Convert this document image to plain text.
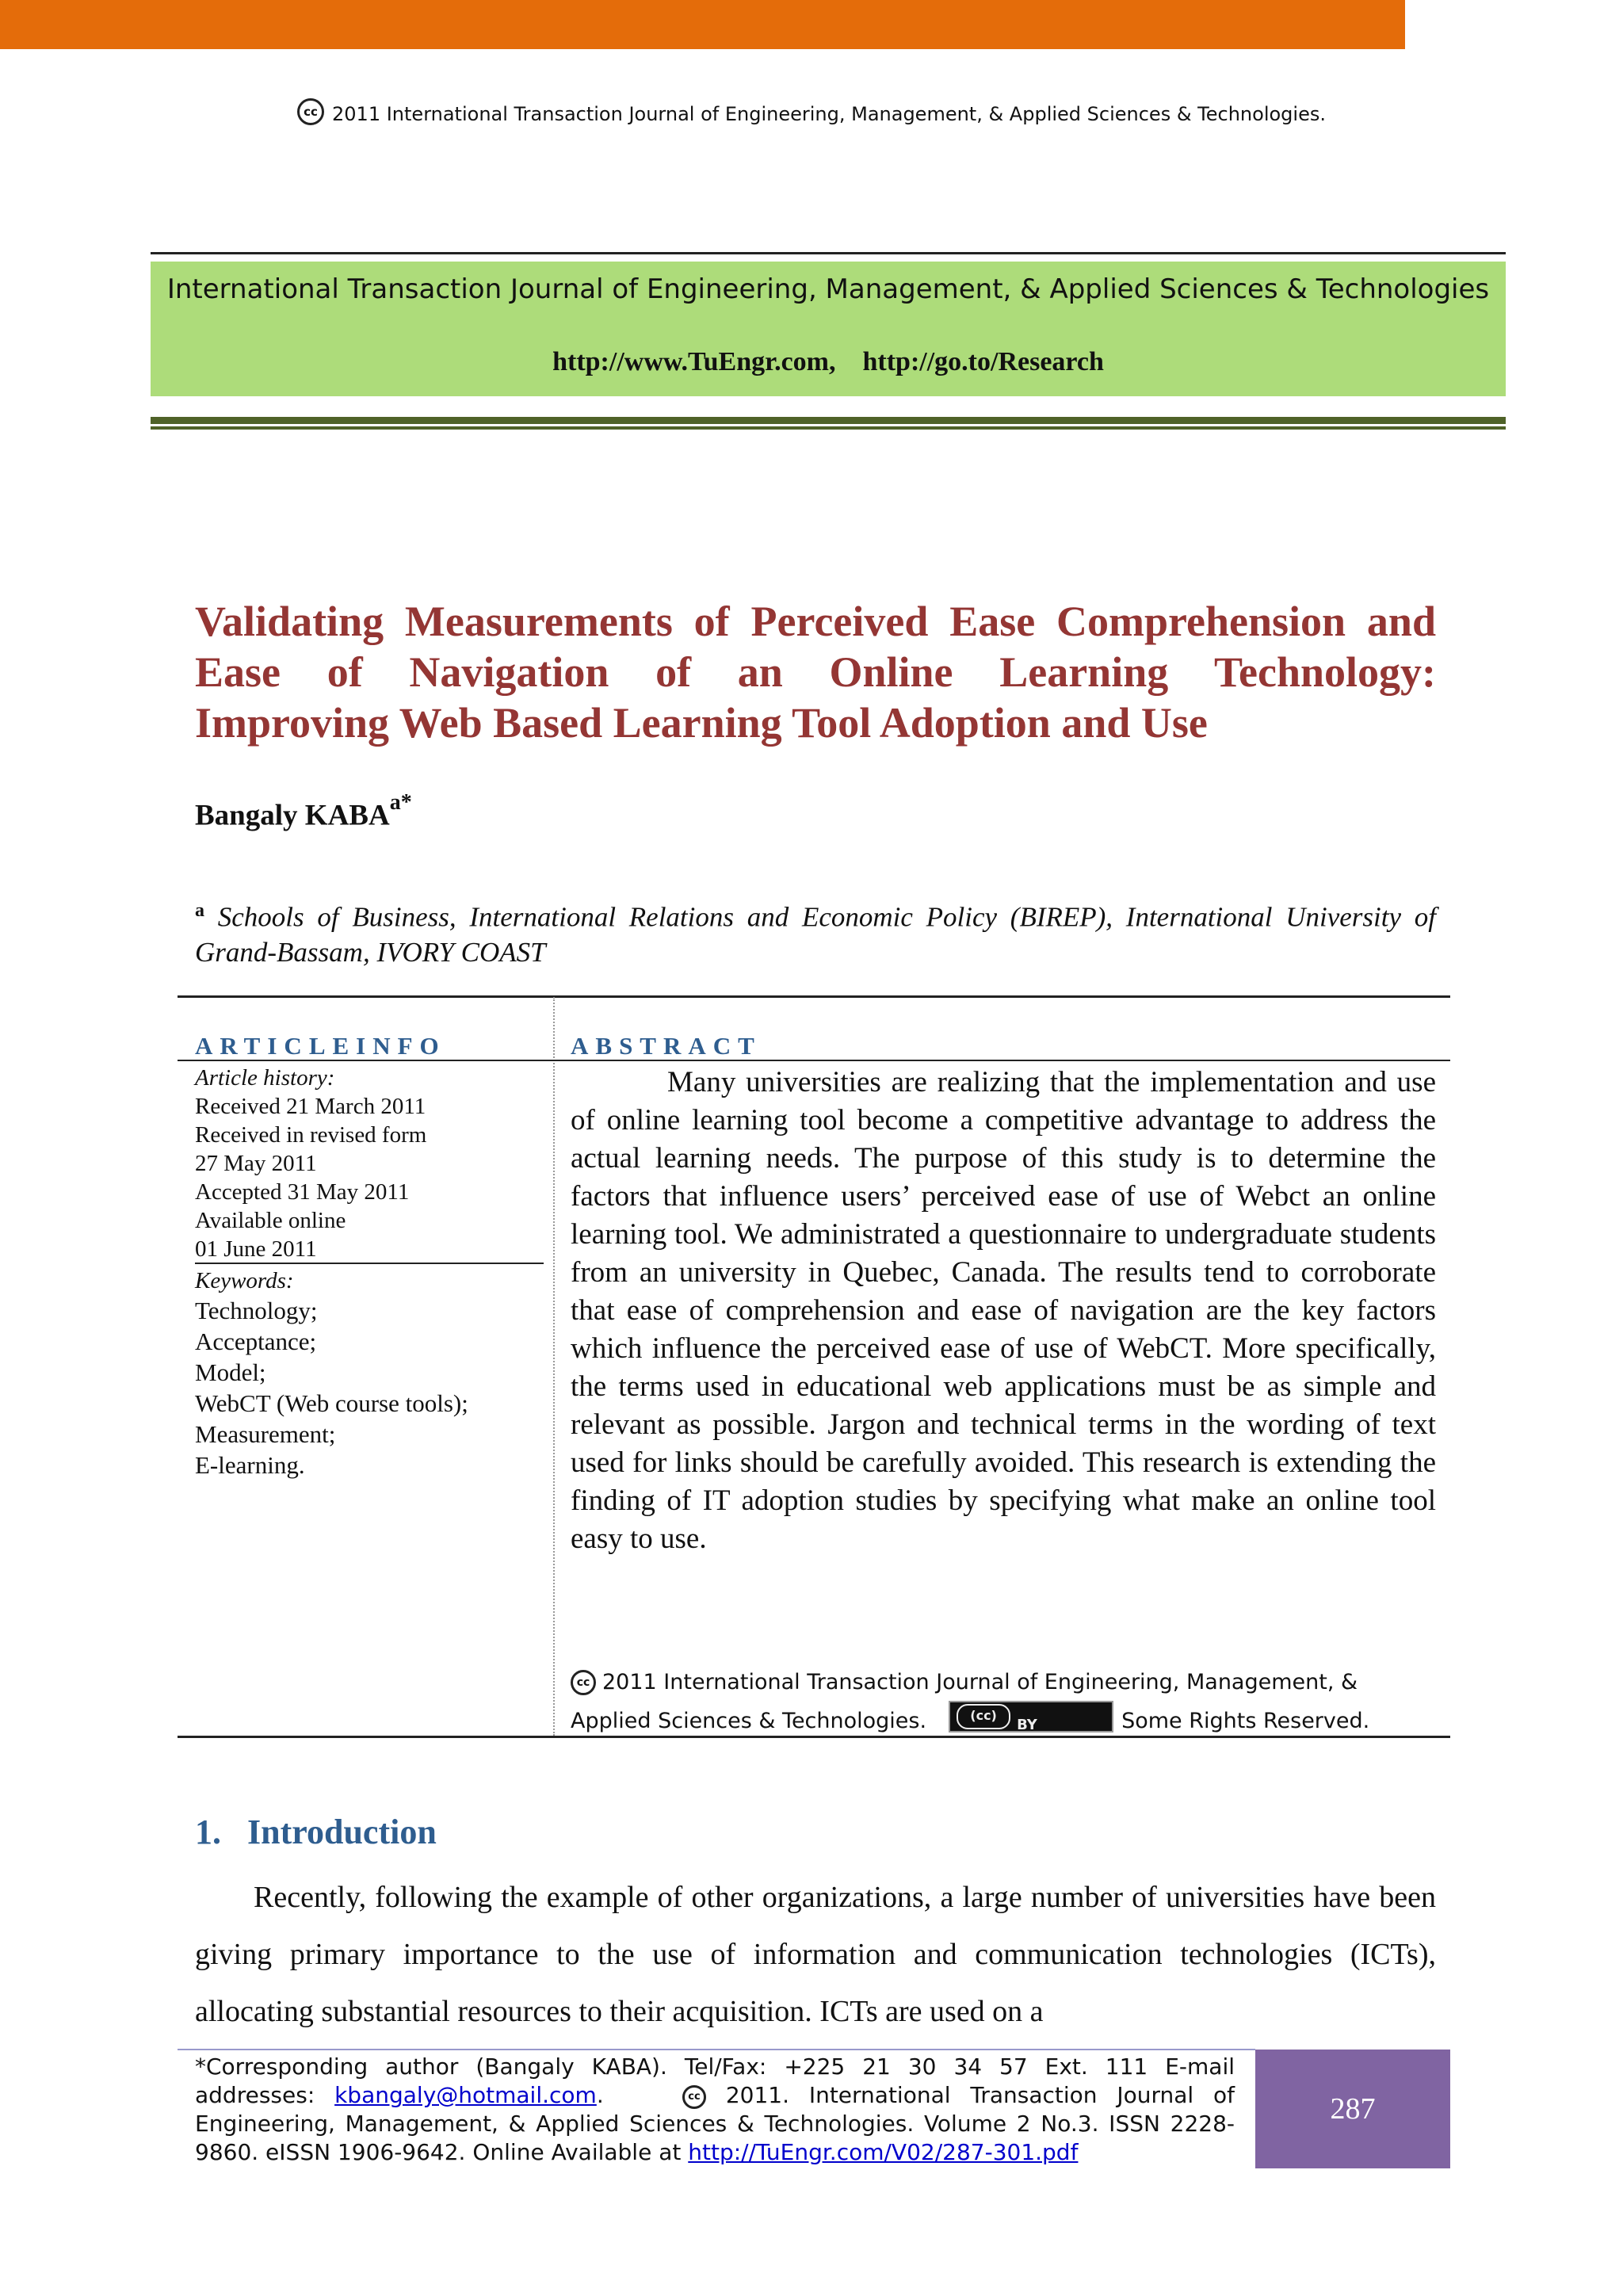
cc 2011 International Transaction Journal of Engineering, Management, & Applied Sciences & Technologies.
International Transaction Journal of Engineering, Management, & Applied Sciences & Technologies
http://www.TuEngr.com,    http://go.to/Research
Validating Measurements of Perceived Ease Comprehension and
Ease of Navigation of an Online Learning Technology:
Improving Web Based Learning Tool Adoption and Use
Bangaly $KABA^{a*}$
$^a$ Schools of Business, International Relations and Economic Policy (BIREP), International University of Grand-Bassam, IVORY COAST
ARTICLEINFO	ABSTRACT
Article history:
Received 21 March 2011
Received in revised form
27 May 2011
Accepted 31 May 2011
Available online
01 June 2011
Keywords:
Technology;
Acceptance;
Model;
WebCT (Web course tools);
Measurement;
E-learning.
Many universities are realizing that the implementation and use of online learning tool become a competitive advantage to address the actual learning needs. The purpose of this study is to determine the factors that influence users’ perceived ease of use of Webct an online learning tool. We administrated a questionnaire to undergraduate students from an university in Quebec, Canada. The results tend to corroborate that ease of comprehension and ease of navigation are the key factors which influence the perceived ease of use of WebCT. More specifically, the terms used in educational web applications must be as simple and relevant as possible. Jargon and technical terms in the wording of text used for links should be carefully avoided. This research is extending the finding of IT adoption studies by specifying what make an online tool easy to use.
cc 2011 International Transaction Journal of Engineering, Management, &
Applied Sciences & Technologies.	(cc)
BY	Some Rights Reserved.
1.   Introduction
Recently, following the example of other organizations, a large number of universities have been giving primary importance to the use of information and communication technologies (ICTs), allocating substantial resources to their acquisition. ICTs are used on a
*Corresponding author (Bangaly KABA). Tel/Fax: +225 21 30 34 57 Ext. 111 E-mail addresses: kbangaly@hotmail.com.	cc 2011. International Transaction Journal of Engineering, Management, & Applied Sciences & Technologies. Volume 2 No.3. ISSN 2228-9860. eISSN 1906-9642. Online Available at http://TuEngr.com/V02/287-301.pdf
287
